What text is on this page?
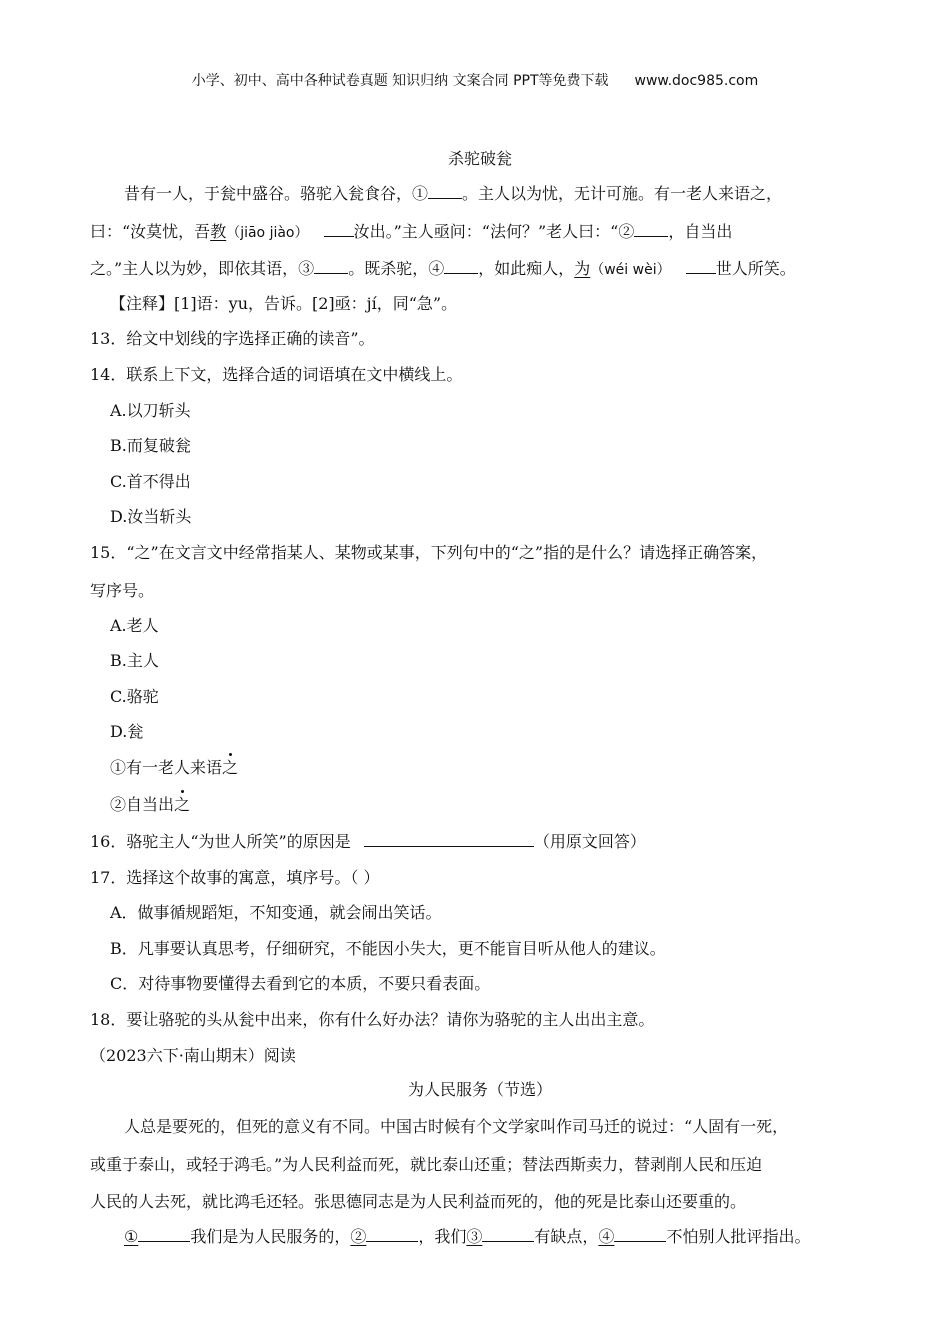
小学、初中、高中各种试卷真题 知识归纳 文案合同 PPT等免费下载 www.doc985.com
杀驼破瓮
昔有一人，于瓮中盛谷。骆驼入瓮食谷，① 。主人以为忧，无计可施。有一老人来语之，
曰：“汝莫忧，吾教（jiāo jiào）	汝出。”主人亟问：“法何？”老人曰：“② ，自当出
之。”主人以为妙，即依其语，③ 。既杀驼，④ ，如此痴人，为（wéi wèi）	世人所笑。
【注释】[1]语：yu，告诉。[2]亟：jí，同“急”。
13．给文中划线的字选择正确的读音”。
14．联系上下文，选择合适的词语填在文中横线上。
A.以刀斩头
B.而复破瓮
C.首不得出
D.汝当斩头
15．“之”在文言文中经常指某人、某物或某事，下列句中的“之”指的是什么？请选择正确答案，
写序号。
A.老人
B.主人
C.骆驼
D.瓮
①有一老人来语之
②自当出之
16．骆驼主人“为世人所笑”的原因是	（用原文回答）
17．选择这个故事的寓意，填序号。（ ）
A．做事循规蹈矩，不知变通，就会闹出笑话。
B．凡事要认真思考，仔细研究，不能因小失大，更不能盲目听从他人的建议。
C．对待事物要懂得去看到它的本质，不要只看表面。
18．要让骆驼的头从瓮中出来，你有什么好办法？请你为骆驼的主人出出主意。
（2023六下·南山期末）阅读
为人民服务（节选）
人总是要死的，但死的意义有不同。中国古时候有个文学家叫作司马迁的说过：“人固有一死，
或重于泰山，或轻于鸿毛。”为人民利益而死，就比泰山还重；替法西斯卖力，替剥削人民和压迫
人民的人去死，就比鸿毛还轻。张思德同志是为人民利益而死的，他的死是比泰山还要重的。
①	我们是为人民服务的，②	，我们③	有缺点，④	不怕别人批评指出。
